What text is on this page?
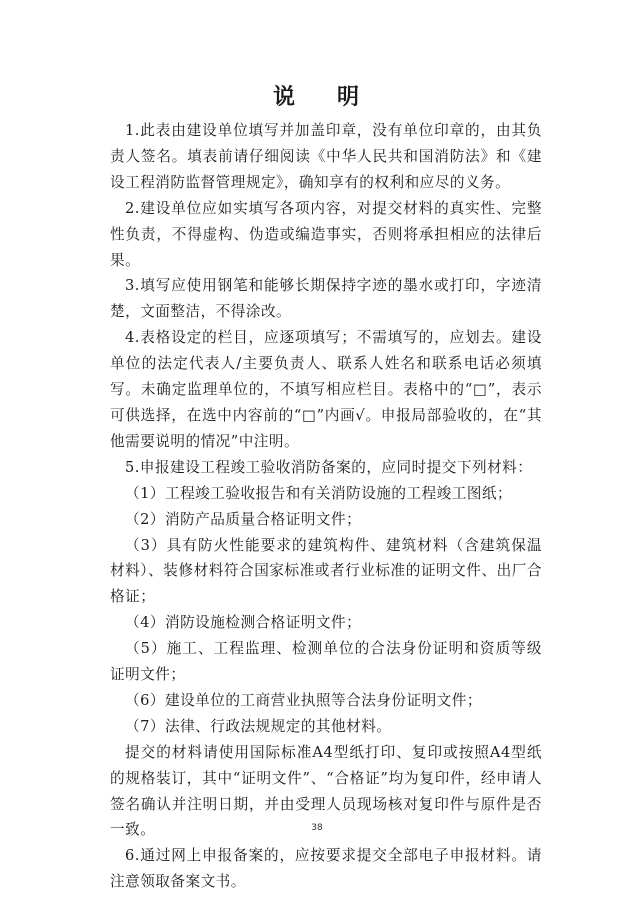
说 明

1.此表由建设单位填写并加盖印章，没有单位印章的，由其负责人签名。填表前请仔细阅读《中华人民共和国消防法》和《建设工程消防监督管理规定》，确知享有的权利和应尽的义务。

2.建设单位应如实填写各项内容，对提交材料的真实性、完整性负责，不得虚构、伪造或编造事实，否则将承担相应的法律后果。

3.填写应使用钢笔和能够长期保持字迹的墨水或打印，字迹清楚，文面整洁，不得涂改。

4.表格设定的栏目，应逐项填写；不需填写的，应划去。建设单位的法定代表人/主要负责人、联系人姓名和联系电话必须填写。未确定监理单位的，不填写相应栏目。表格中的“□”，表示可供选择，在选中内容前的“□”内画√。申报局部验收的，在“其他需要说明的情况”中注明。

5.申报建设工程竣工验收消防备案的，应同时提交下列材料：

（1）工程竣工验收报告和有关消防设施的工程竣工图纸；

（2）消防产品质量合格证明文件；

（3）具有防火性能要求的建筑构件、建筑材料（含建筑保温材料）、装修材料符合国家标准或者行业标准的证明文件、出厂合格证；

（4）消防设施检测合格证明文件；

（5）施工、工程监理、检测单位的合法身份证明和资质等级证明文件；

（6）建设单位的工商营业执照等合法身份证明文件；

（7）法律、行政法规规定的其他材料。

提交的材料请使用国际标准A4型纸打印、复印或按照A4型纸的规格装订，其中“证明文件”、“合格证”均为复印件，经申请人签名确认并注明日期，并由受理人员现场核对复印件与原件是否一致。

6.通过网上申报备案的，应按要求提交全部电子申报材料。请注意领取备案文书。

38
